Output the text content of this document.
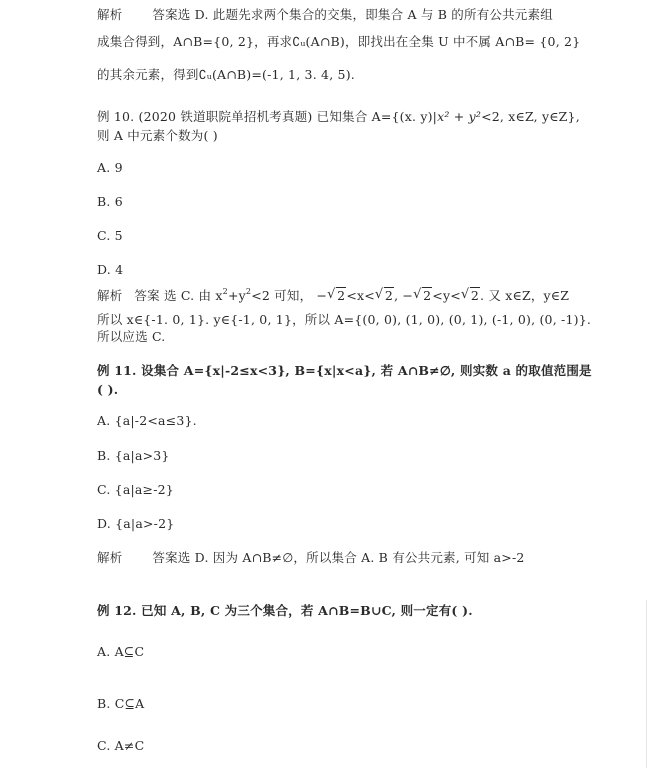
解析 答案选 D. 此题先求两个集合的交集，即集合 A 与 B 的所有公共元素组
成集合得到，A∩B={0, 2}，再求∁ᵤ(A∩B)，即找出在全集 U 中不属 A∩B= {0, 2}
的其余元素，得到∁ᵤ(A∩B)=(-1, 1, 3. 4, 5).
例 10. (2020 铁道职院单招机考真题) 已知集合 A={(x. y)|x² + y²<2, x∈Z, y∈Z},
则 A 中元素个数为( )
A. 9
B. 6
C. 5
D. 4
解析 答案 选 C. 由 $x^2+y^2<2$ 可知， − √ 2<x< √ 2, − √ 2<y< √ 2. 又 x∈Z，y∈Z
所以 x∈{-1. 0, 1}. y∈{-1, 0, 1}，所以 A={(0, 0), (1, 0), (0, 1), (-1, 0), (0, -1)}.
所以应选 C.
例 11. 设集合 A={x|-2≤x<3}, B={x|x<a}, 若 A∩B≠∅, 则实数 a 的取值范围是
( ).
A. {a|-2<a≤3}.
B. {a|a>3}
C. {a|a≥-2}
D. {a|a>-2}
解析 答案选 D. 因为 A∩B≠∅，所以集合 A. B 有公共元素, 可知 a>-2
例 12. 已知 A, B, C 为三个集合，若 A∩B=B∪C, 则一定有( ).
A. A⊆C
B. C⊆A
C. A≠C
